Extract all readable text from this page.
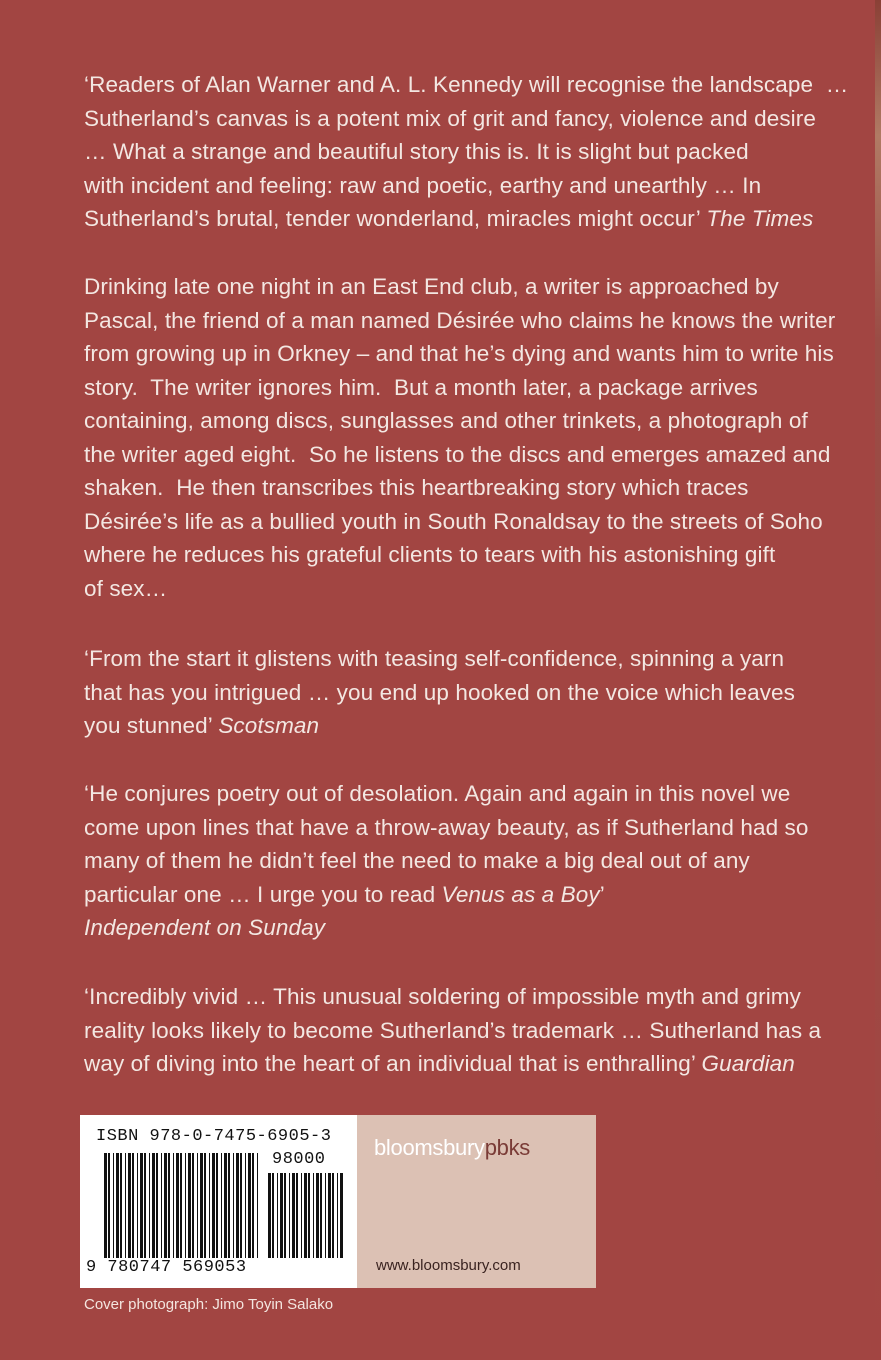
‘Readers of Alan Warner and A. L. Kennedy will recognise the landscape  …
Sutherland’s canvas is a potent mix of grit and fancy, violence and desire
… What a strange and beautiful story this is. It is slight but packed
with incident and feeling: raw and poetic, earthy and unearthly … In
Sutherland’s brutal, tender wonderland, miracles might occur’ The Times
Drinking late one night in an East End club, a writer is approached by
Pascal, the friend of a man named Désirée who claims he knows the writer
from growing up in Orkney – and that he’s dying and wants him to write his
story.  The writer ignores him.  But a month later, a package arrives
containing, among discs, sunglasses and other trinkets, a photograph of
the writer aged eight.  So he listens to the discs and emerges amazed and
shaken.  He then transcribes this heartbreaking story which traces
Désirée’s life as a bullied youth in South Ronaldsay to the streets of Soho
where he reduces his grateful clients to tears with his astonishing gift
of sex…
‘From the start it glistens with teasing self-confidence, spinning a yarn
that has you intrigued … you end up hooked on the voice which leaves
you stunned’ Scotsman
‘He conjures poetry out of desolation. Again and again in this novel we
come upon lines that have a throw-away beauty, as if Sutherland had so
many of them he didn’t feel the need to make a big deal out of any
particular one … I urge you to read Venus as a Boy’
Independent on Sunday
‘Incredibly vivid … This unusual soldering of impossible myth and grimy
reality looks likely to become Sutherland’s trademark … Sutherland has a
way of diving into the heart of an individual that is enthralling’ Guardian
ISBN 978-0-7475-6905-3
98000
9 780747 569053
bloomsburypbks
www.bloomsbury.com
Cover photograph: Jimo Toyin Salako
